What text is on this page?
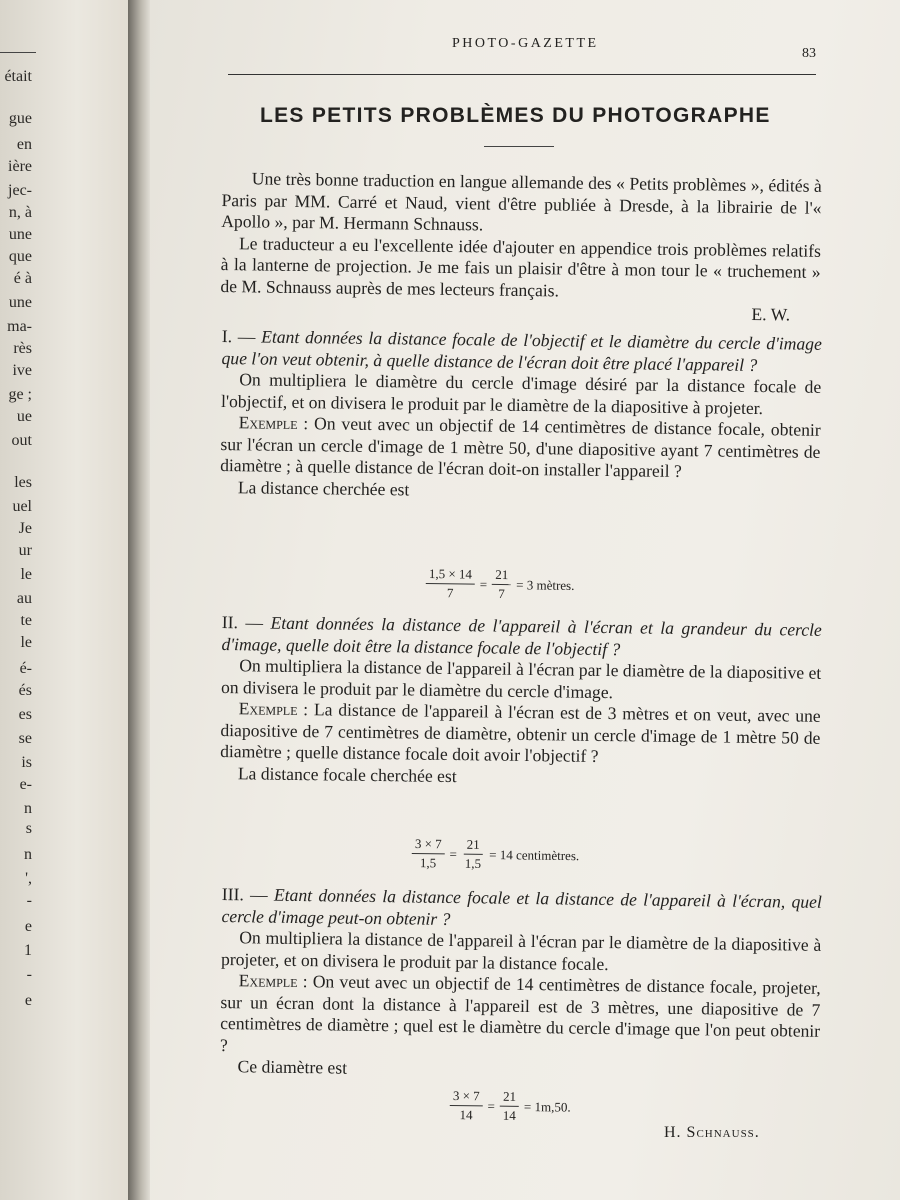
était
gue
en
ière
jec-
n, à
une
que
é à
une
ma-
rès
ive
ge ;
ue
out
les
uel
Je
ur
le
au
te
le
é-
és
es
se
is
e-
n
s
n
',
-
e
1
-
e
PHOTO-GAZETTE
83
LES PETITS PROBLÈMES DU PHOTOGRAPHE

Une très bonne traduction en langue allemande des « Petits problèmes », édités à Paris par MM. Carré et Naud, vient d'être publiée à Dresde, à la librairie de l'« Apollo », par M. Hermann Schnauss.

Le traducteur a eu l'excellente idée d'ajouter en appendice trois problèmes relatifs à la lanterne de projection. Je me fais un plaisir d'être à mon tour le « truchement » de M. Schnauss auprès de mes lecteurs français.

E. W.

I. — Etant données la distance focale de l'objectif et le diamètre du cercle d'image que l'on veut obtenir, à quelle distance de l'écran doit être placé l'appareil ?

On multipliera le diamètre du cercle d'image désiré par la distance focale de l'objectif, et on divisera le produit par le diamètre de la diapositive à projeter.

Exemple : On veut avec un objectif de 14 centimètres de distance focale, obtenir sur l'écran un cercle d'image de 1 mètre 50, d'une diapositive ayant 7 centimètres de diamètre ; à quelle distance de l'écran doit-on installer l'appareil ?

La distance cherchée est

$\frac{1,5 \times 14}{7} = \frac{21}{7} = 3$ mètres.

II. — Etant données la distance de l'appareil à l'écran et la grandeur du cercle d'image, quelle doit être la distance focale de l'objectif ?

On multipliera la distance de l'appareil à l'écran par le diamètre de la diapositive et on divisera le produit par le diamètre du cercle d'image.

Exemple : La distance de l'appareil à l'écran est de 3 mètres et on veut, avec une diapositive de 7 centimètres de diamètre, obtenir un cercle d'image de 1 mètre 50 de diamètre ; quelle distance focale doit avoir l'objectif ?

La distance focale cherchée est

$\frac{3 \times 7}{1,5} = \frac{21}{1,5} = 14$ centimètres.

III. — Etant données la distance focale et la distance de l'appareil à l'écran, quel cercle d'image peut-on obtenir ?

On multipliera la distance de l'appareil à l'écran par le diamètre de la diapositive à projeter, et on divisera le produit par la distance focale.

Exemple : On veut avec un objectif de 14 centimètres de distance focale, projeter, sur un écran dont la distance à l'appareil est de 3 mètres, une diapositive de 7 centimètres de diamètre ; quel est le diamètre du cercle d'image que l'on peut obtenir ?

Ce diamètre est

$\frac{3 \times 7}{14} = \frac{21}{14} = 1m,50$.
H. Schnauss.
